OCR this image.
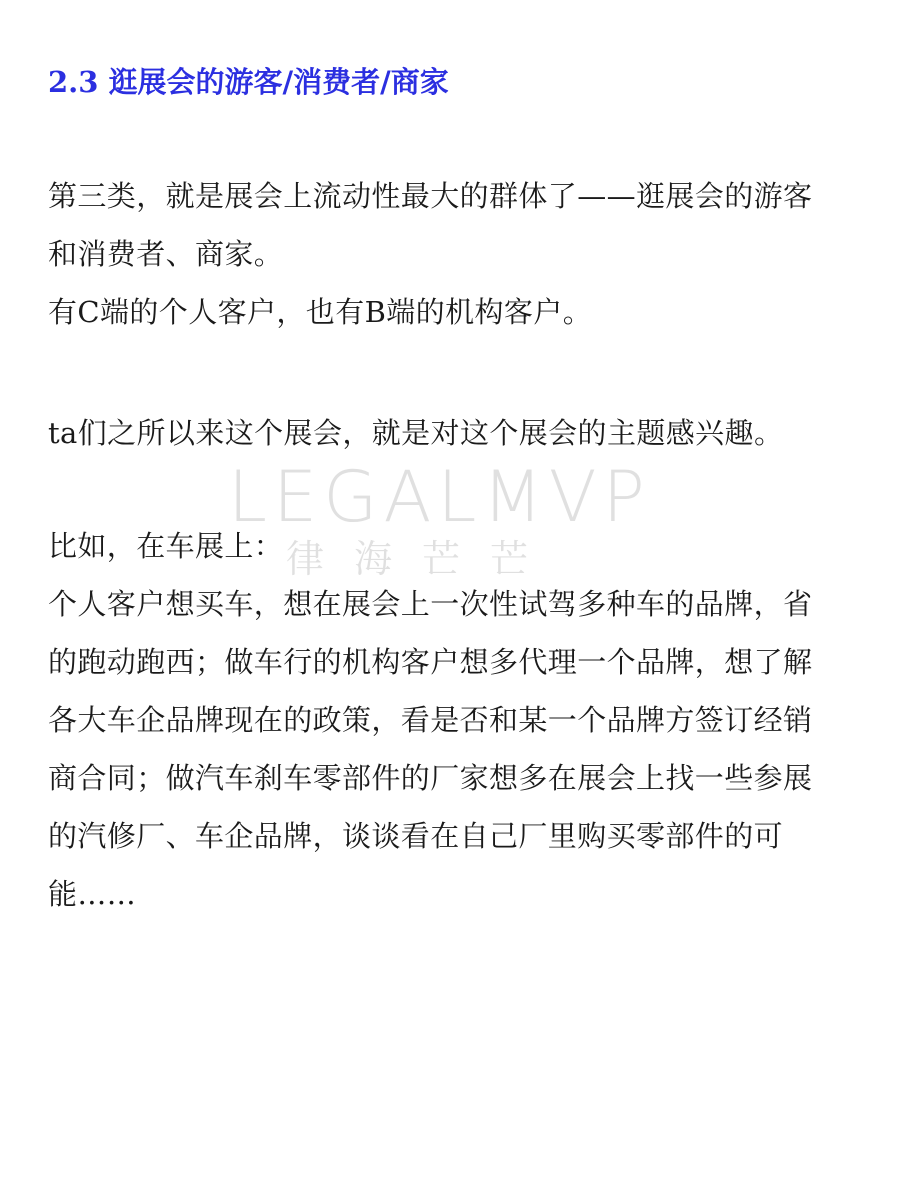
2.3 逛展会的游客/消费者/商家

第三类，就是展会上流动性最大的群体了——逛展会的游客
和消费者、商家。
有C端的个人客户，也有B端的机构客户。

ta们之所以来这个展会，就是对这个展会的主题感兴趣。

比如，在车展上：
个人客户想买车，想在展会上一次性试驾多种车的品牌，省
的跑动跑西；做车行的机构客户想多代理一个品牌，想了解
各大车企品牌现在的政策，看是否和某一个品牌方签订经销
商合同；做汽车刹车零部件的厂家想多在展会上找一些参展
的汽修厂、车企品牌，谈谈看在自己厂里购买零部件的可
能……

LEGALMVP
律海芒芒
